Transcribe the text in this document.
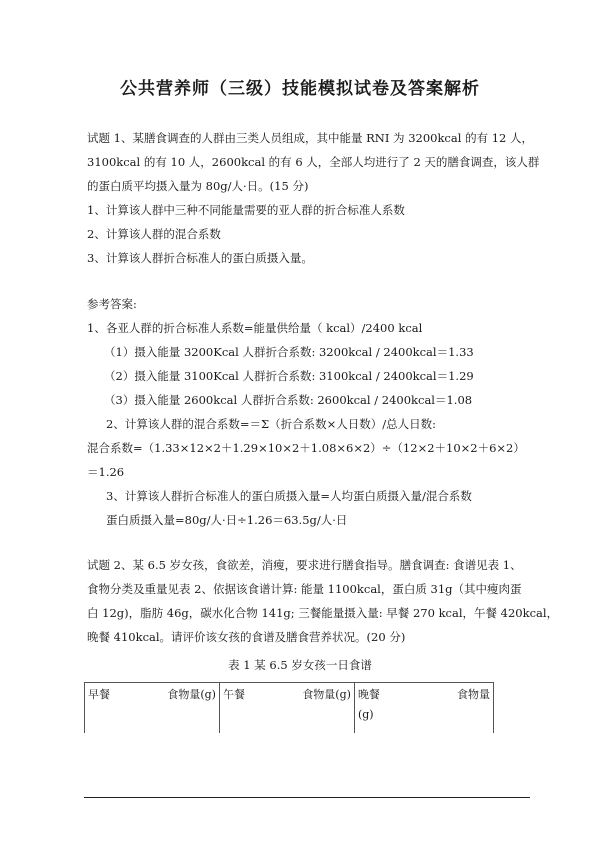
公共营养师（三级）技能模拟试卷及答案解析
试题 1、某膳食调查的人群由三类人员组成，其中能量 RNI 为 3200kcal 的有 12 人，
3100kcal 的有 10 人，2600kcal 的有 6 人，全部人均进行了 2 天的膳食调查，该人群
的蛋白质平均摄入量为 80g/人·日。(15 分)
1、计算该人群中三种不同能量需要的亚人群的折合标准人系数
2、计算该人群的混合系数
3、计算该人群折合标准人的蛋白质摄入量。
参考答案:
1、各亚人群的折合标准人系数=能量供给量（ kcal）/2400 kcal
（1）摄入能量 3200Kcal 人群折合系数: 3200kcal / 2400kcal＝1.33
（2）摄入能量 3100Kcal 人群折合系数: 3100kcal / 2400kcal＝1.29
（3）摄入能量 2600kcal 人群折合系数: 2600kcal / 2400kcal＝1.08
2、计算该人群的混合系数=＝Σ（折合系数×人日数）/总人日数:
混合系数=（1.33×12×2＋1.29×10×2＋1.08×6×2）÷（12×2＋10×2＋6×2）
＝1.26
3、计算该人群折合标准人的蛋白质摄入量=人均蛋白质摄入量/混合系数
蛋白质摄入量=80g/人·日÷1.26＝63.5g/人·日
试题 2、某 6.5 岁女孩，食欲差，消瘦，要求进行膳食指导。膳食调查: 食谱见表 1、
食物分类及重量见表 2、依据该食谱计算: 能量 1100kcal，蛋白质 31g（其中瘦肉蛋
白 12g)，脂肪 46g，碳水化合物 141g; 三餐能量摄入量: 早餐 270 kcal，午餐 420kcal，
晚餐 410kcal。请评价该女孩的食谱及膳食营养状况。(20 分)
表 1 某 6.5 岁女孩一日食谱
早餐	食物量(g)	午餐	食物量(g)	晚餐	食物量
(g)
